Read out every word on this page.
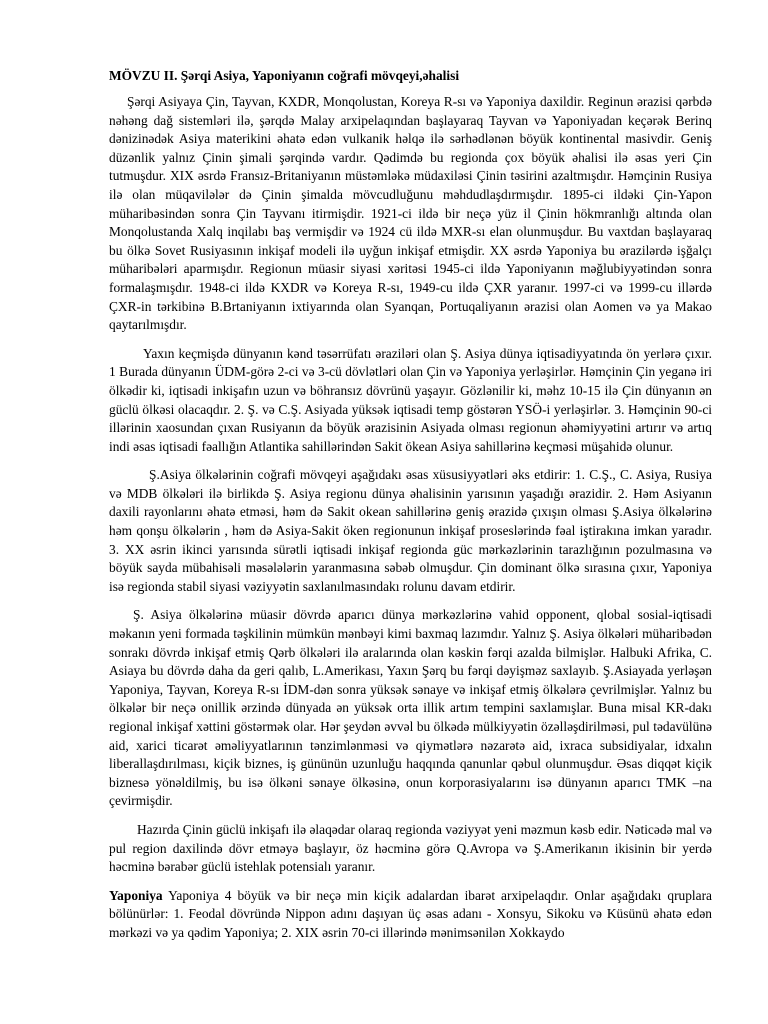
MÖVZU II. Şərqi Asiya, Yaponiyanın coğrafi mövqeyi,əhalisi

Şərqi Asiyaya Çin, Tayvan, KXDR, Monqolustan, Koreya R-sı və Yaponiya daxildir. Reginun ərazisi qərbdə nəhəng dağ sistemləri ilə, şərqdə Malay arxipelaqından başlayaraq Tayvan və Yaponiyadan keçərək Berinq dənizinədək Asiya materikini əhatə edən vulkanik həlqə ilə sərhədlənən böyük kontinental masivdir. Geniş düzənlik yalnız Çinin şimali şərqində vardır. Qədimdə bu regionda çox böyük əhalisi ilə əsas yeri Çin tutmuşdur. XIX əsrdə Fransız-Britaniyanın müstəmləkə müdaxiləsi Çinin təsirini azaltmışdır. Həmçinin Rusiya ilə olan müqavilələr də Çinin şimalda mövcudluğunu məhdudlaşdırmışdır. 1895-ci ildəki Çin-Yapon müharibəsindən sonra Çin Tayvanı itirmişdir. 1921-ci ildə bir neçə yüz il Çinin hökmranlığı altında olan Monqolustanda Xalq inqilabı baş vermişdir və 1924 cü ildə MXR-sı elan olunmuşdur. Bu vaxtdan başlayaraq bu ölkə Sovet Rusiyasının inkişaf modeli ilə uyğun inkişaf etmişdir. XX əsrdə Yaponiya bu ərazilərdə işğalçı müharibələri aparmışdır. Regionun müasir siyasi xəritəsi 1945-ci ildə Yaponiyanın məğlubiyyətindən sonra formalaşmışdır. 1948-ci ildə KXDR və Koreya R-sı, 1949-cu ildə ÇXR yaranır. 1997-ci və 1999-cu illərdə ÇXR-in tərkibinə B.Brtaniyanın ixtiyarında olan Syanqan, Portuqaliyanın ərazisi olan Aomen və ya Makao qaytarılmışdır.

Yaxın keçmişdə dünyanın kənd təsərrüfatı əraziləri olan Ş. Asiya dünya iqtisadiyyatında ön yerlərə çıxır. 1 Burada dünyanın ÜDM-görə 2-ci və 3-cü dövlətləri olan Çin və Yaponiya yerləşirlər. Həmçinin Çin yeganə iri ölkədir ki, iqtisadi inkişafın uzun və böhransız dövrünü yaşayır. Gözlənilir ki, məhz 10-15 ilə Çin dünyanın ən güclü ölkəsi olacaqdır. 2. Ş. və C.Ş. Asiyada yüksək iqtisadi temp göstərən YSÖ-i yerləşirlər. 3. Həmçinin 90-ci illərinin xaosundan çıxan Rusiyanın da böyük ərazisinin Asiyada olması regionun əhəmiyyətini artırır və artıq indi əsas iqtisadi fəallığın Atlantika sahillərindən Sakit ökean Asiya sahillərinə keçməsi müşahidə olunur.

Ş.Asiya ölkələrinin coğrafi mövqeyi aşağıdakı əsas xüsusiyyətləri əks etdirir: 1. C.Ş., C. Asiya, Rusiya və MDB ölkələri ilə birlikdə Ş. Asiya regionu dünya əhalisinin yarısının yaşadığı ərazidir. 2. Həm Asiyanın daxili rayonlarını əhatə etməsi, həm də Sakit okean sahillərinə geniş ərazidə çıxışın olması Ş.Asiya ölkələrinə həm qonşu ölkələrin , həm də Asiya-Sakit öken regionunun inkişaf proseslərində fəal iştirakına imkan yaradır. 3. XX əsrin ikinci yarısında sürətli iqtisadi inkişaf regionda güc mərkəzlərinin tarazlığının pozulmasına və böyük sayda mübahisəli məsələlərin yaranmasına səbəb olmuşdur. Çin dominant ölkə sırasına çıxır, Yaponiya isə regionda stabil siyasi vəziyyətin saxlanılmasındakı rolunu davam etdirir.

Ş. Asiya ölkələrinə müasir dövrdə aparıcı dünya mərkəzlərinə vahid opponent, qlobal sosial-iqtisadi məkanın yeni formada təşkilinin mümkün mənbəyi kimi baxmaq lazımdır. Yalnız Ş. Asiya ölkələri müharibədən sonrakı dövrdə inkişaf etmiş Qərb ölkələri ilə aralarında olan kəskin fərqi azalda bilmişlər. Halbuki Afrika, C. Asiaya bu dövrdə daha da geri qalıb, L.Amerikası, Yaxın Şərq bu fərqi dəyişməz saxlayıb. Ş.Asiayada yerləşən Yaponiya, Tayvan, Koreya R-sı İDM-dən sonra yüksək sənaye və inkişaf etmiş ölkələrə çevrilmişlər. Yalnız bu ölkələr bir neçə onillik ərzində dünyada ən yüksək orta illik artım tempini saxlamışlar. Buna misal KR-dakı regional inkişaf xəttini göstərmək olar. Hər şeydən əvvəl bu ölkədə mülkiyyətin özəlləşdirilməsi, pul tədavülünə aid, xarici ticarət əməliyyatlarının tənzimlənməsi və qiymətlərə nəzarətə aid, ixraca subsidiyalar, idxalın liberallaşdırılması, kiçik biznes, iş gününün uzunluğu haqqında qanunlar qəbul olunmuşdur. Əsas diqqət kiçik biznesə yönəldilmiş, bu isə ölkəni sənaye ölkəsinə, onun korporasiyalarını isə dünyanın aparıcı TMK –na çevirmişdir.

Hazırda Çinin güclü inkişafı ilə əlaqədar olaraq regionda vəziyyət yeni məzmun kəsb edir. Nəticədə mal və pul region daxilində dövr etməyə başlayır, öz həcminə görə Q.Avropa və Ş.Amerikanın ikisinin bir yerdə həcminə bərabər güclü istehlak potensialı yaranır.

Yaponiya Yaponiya 4 böyük və bir neçə min kiçik adalardan ibarət arxipelaqdır. Onlar aşağıdakı qruplara bölünürlər: 1. Feodal dövründə Nippon adını daşıyan üç əsas adanı - Xonsyu, Sikoku və Küsünü əhatə edən mərkəzi və ya qədim Yaponiya; 2. XIX əsrin 70-ci illərində mənimsənilən Xokkaydo
